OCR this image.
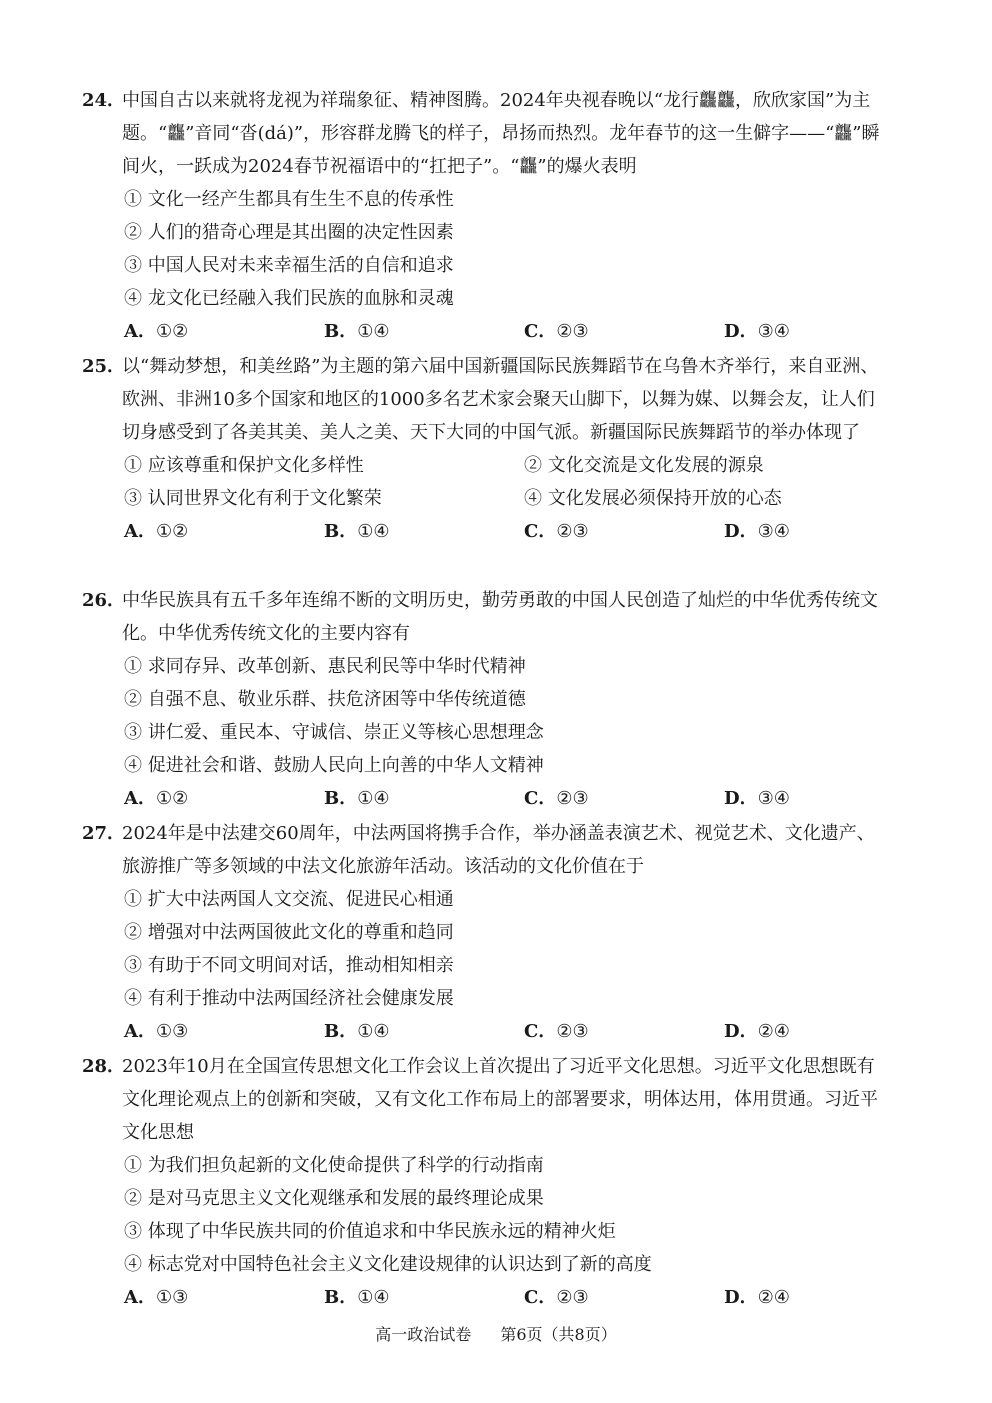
24．中国自古以来就将龙视为祥瑞象征、精神图腾。2024年央视春晚以“龙行龘龘，欣欣家国”为主题。“龘”音同“沓(dá)”，形容群龙腾飞的样子，昂扬而热烈。龙年春节的这一生僻字——“龘”瞬间火，一跃成为2024春节祝福语中的“扛把子”。“龘”的爆火表明

① 文化一经产生都具有生生不息的传承性

② 人们的猎奇心理是其出圈的决定性因素

③ 中国人民对未来幸福生活的自信和追求

④ 龙文化已经融入我们民族的血脉和灵魂

A．①②	B．①④	C．②③	D．③④

25．以“舞动梦想，和美丝路”为主题的第六届中国新疆国际民族舞蹈节在乌鲁木齐举行，来自亚洲、欧洲、非洲10多个国家和地区的1000多名艺术家会聚天山脚下，以舞为媒、以舞会友，让人们切身感受到了各美其美、美人之美、天下大同的中国气派。新疆国际民族舞蹈节的举办体现了

① 应该尊重和保护文化多样性	② 文化交流是文化发展的源泉
③ 认同世界文化有利于文化繁荣	④ 文化发展必须保持开放的心态
A．①②	B．①④	C．②③	D．③④

26．中华民族具有五千多年连绵不断的文明历史，勤劳勇敢的中国人民创造了灿烂的中华优秀传统文化。中华优秀传统文化的主要内容有

① 求同存异、改革创新、惠民利民等中华时代精神

② 自强不息、敬业乐群、扶危济困等中华传统道德

③ 讲仁爱、重民本、守诚信、崇正义等核心思想理念

④ 促进社会和谐、鼓励人民向上向善的中华人文精神

A．①②	B．①④	C．②③	D．③④

27．2024年是中法建交60周年，中法两国将携手合作，举办涵盖表演艺术、视觉艺术、文化遗产、旅游推广等多领域的中法文化旅游年活动。该活动的文化价值在于

① 扩大中法两国人文交流、促进民心相通

② 增强对中法两国彼此文化的尊重和趋同

③ 有助于不同文明间对话，推动相知相亲

④ 有利于推动中法两国经济社会健康发展

A．①③	B．①④	C．②③	D．②④

28．2023年10月在全国宣传思想文化工作会议上首次提出了习近平文化思想。习近平文化思想既有文化理论观点上的创新和突破，又有文化工作布局上的部署要求，明体达用，体用贯通。习近平文化思想

① 为我们担负起新的文化使命提供了科学的行动指南

② 是对马克思主义文化观继承和发展的最终理论成果

③ 体现了中华民族共同的价值追求和中华民族永远的精神火炬

④ 标志党对中国特色社会主义文化建设规律的认识达到了新的高度

A．①③	B．①④	C．②③	D．②④
高一政治试卷 第6页（共8页）
